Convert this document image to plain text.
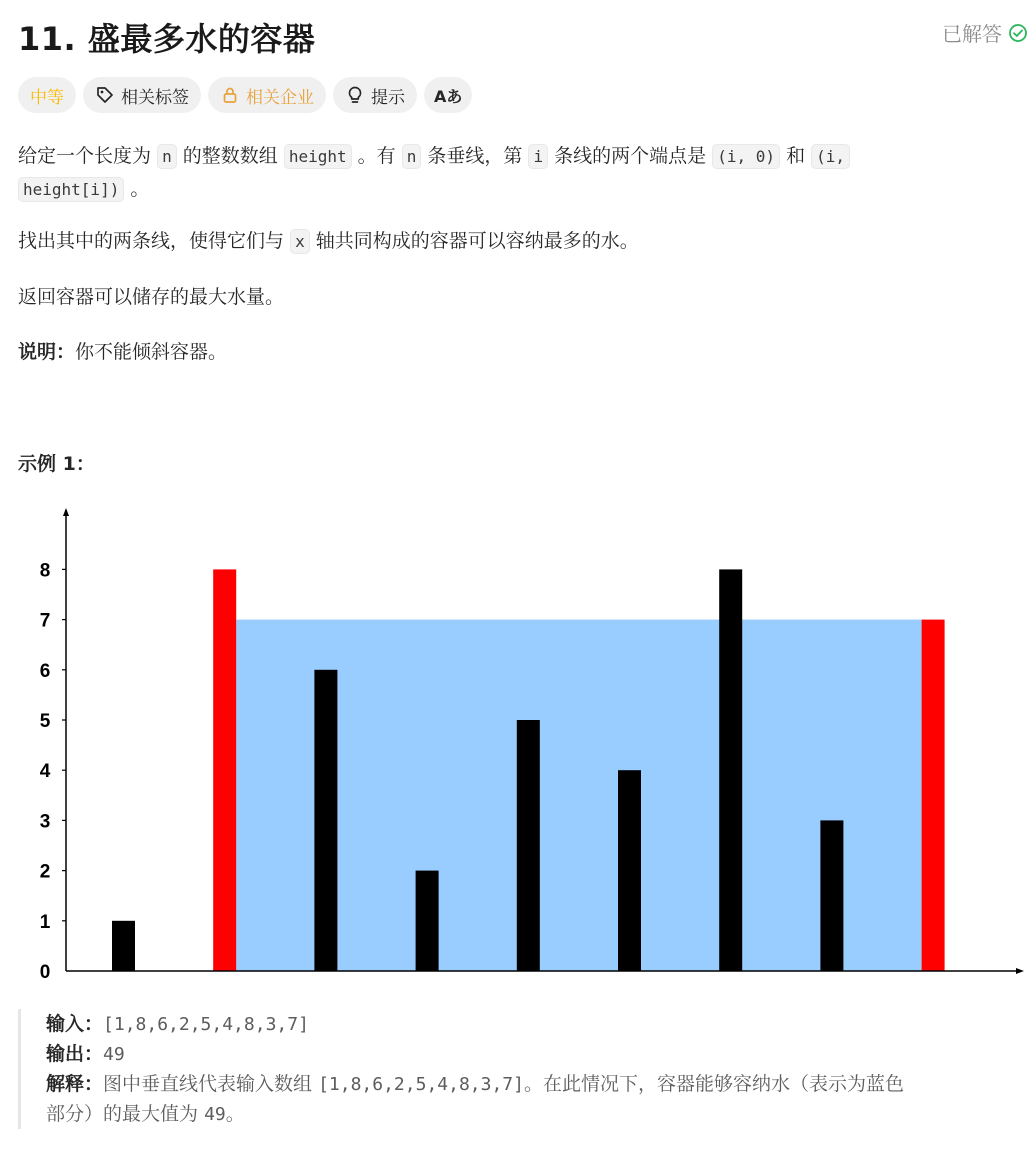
11. 盛最多水的容器	已解答
中等	相关标签	相关企业	提示 Aあ

给定一个长度为 n 的整数数组 height 。有 n 条垂线，第 i 条线的两个端点是 (i, 0) 和 (i,
height[i]) 。

找出其中的两条线，使得它们与 x 轴共同构成的容器可以容纳最多的水。

返回容器可以储存的最大水量。

说明：你不能倾斜容器。

示例 1：
0
1
2
3
4
5
6
7
8
输入：[1,8,6,2,5,4,8,3,7]
输出：49
解释：图中垂直线代表输入数组 [1,8,6,2,5,4,8,3,7]。在此情况下，容器能够容纳水（表示为蓝色
部分）的最大值为 49。
